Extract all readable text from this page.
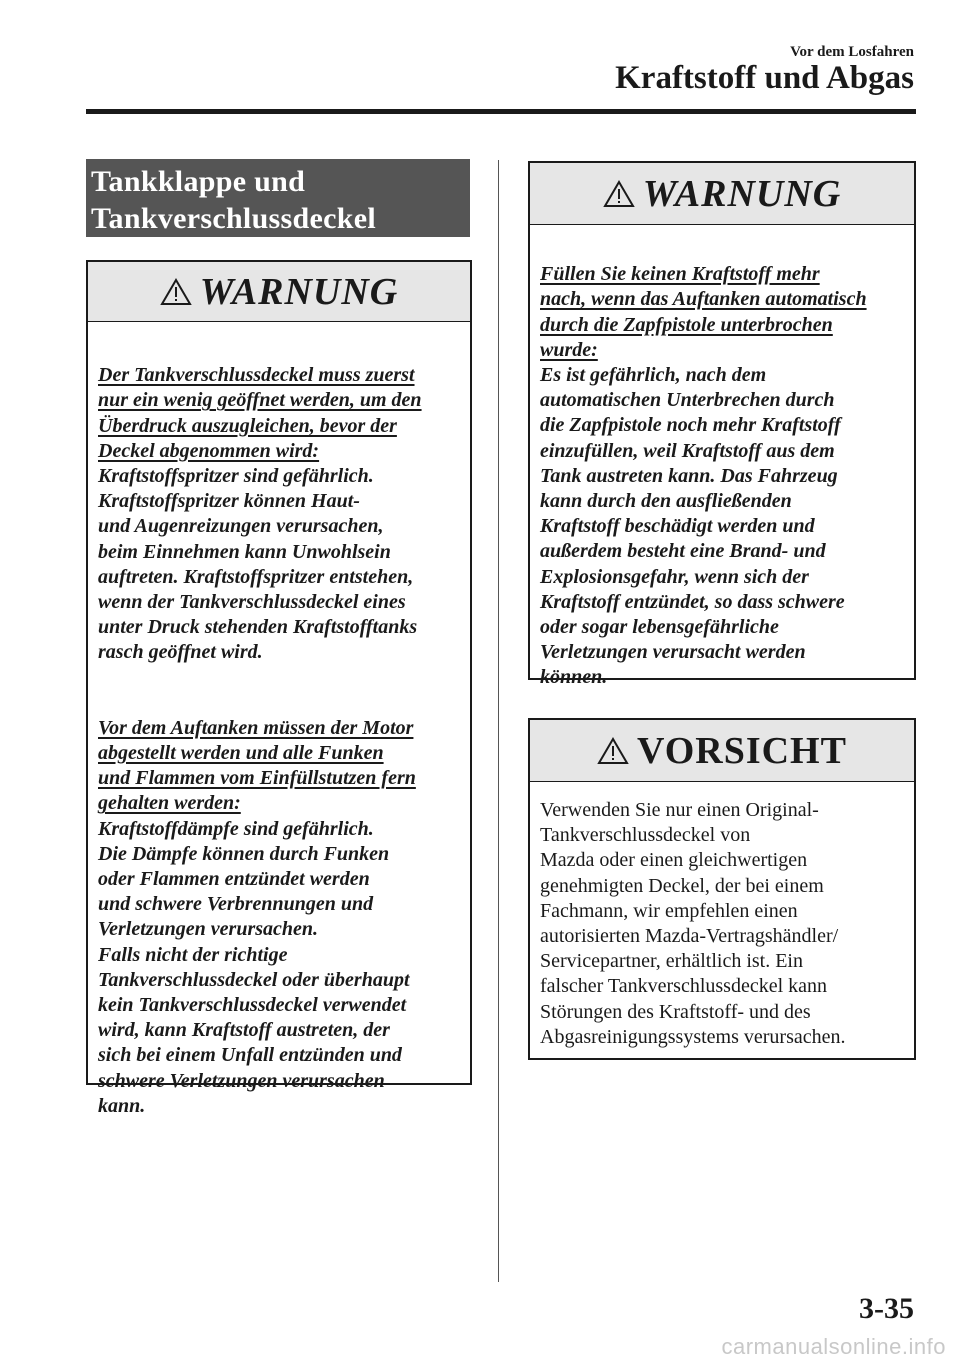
Vor dem Losfahren
Kraftstoff und Abgas
Tankklappe und
Tankverschlussdeckel
WARNUNG

Der Tankverschlussdeckel muss zuerst
nur ein wenig geöffnet werden, um den
Überdruck auszugleichen, bevor der
Deckel abgenommen wird:
Kraftstoffspritzer sind gefährlich.
Kraftstoffspritzer können Haut-
und Augenreizungen verursachen,
beim Einnehmen kann Unwohlsein
auftreten. Kraftstoffspritzer entstehen,
wenn der Tankverschlussdeckel eines
unter Druck stehenden Kraftstofftanks
rasch geöffnet wird.

Vor dem Auftanken müssen der Motor
abgestellt werden und alle Funken
und Flammen vom Einfüllstutzen fern
gehalten werden:
Kraftstoffdämpfe sind gefährlich.
Die Dämpfe können durch Funken
oder Flammen entzündet werden
und schwere Verbrennungen und
Verletzungen verursachen.
Falls nicht der richtige
Tankverschlussdeckel oder überhaupt
kein Tankverschlussdeckel verwendet
wird, kann Kraftstoff austreten, der
sich bei einem Unfall entzünden und
schwere Verletzungen verursachen
kann.

WARNUNG

Füllen Sie keinen Kraftstoff mehr
nach, wenn das Auftanken automatisch
durch die Zapfpistole unterbrochen
wurde:
Es ist gefährlich, nach dem
automatischen Unterbrechen durch
die Zapfpistole noch mehr Kraftstoff
einzufüllen, weil Kraftstoff aus dem
Tank austreten kann. Das Fahrzeug
kann durch den ausfließenden
Kraftstoff beschädigt werden und
außerdem besteht eine Brand- und
Explosionsgefahr, wenn sich der
Kraftstoff entzündet, so dass schwere
oder sogar lebensgefährliche
Verletzungen verursacht werden
können.

VORSICHT
Verwenden Sie nur einen Original-
Tankverschlussdeckel von
Mazda oder einen gleichwertigen
genehmigten Deckel, der bei einem
Fachmann, wir empfehlen einen
autorisierten Mazda-Vertragshändler/
Servicepartner, erhältlich ist. Ein
falscher Tankverschlussdeckel kann
Störungen des Kraftstoff- und des
Abgasreinigungssystems verursachen.
3-35
carmanualsonline.info
